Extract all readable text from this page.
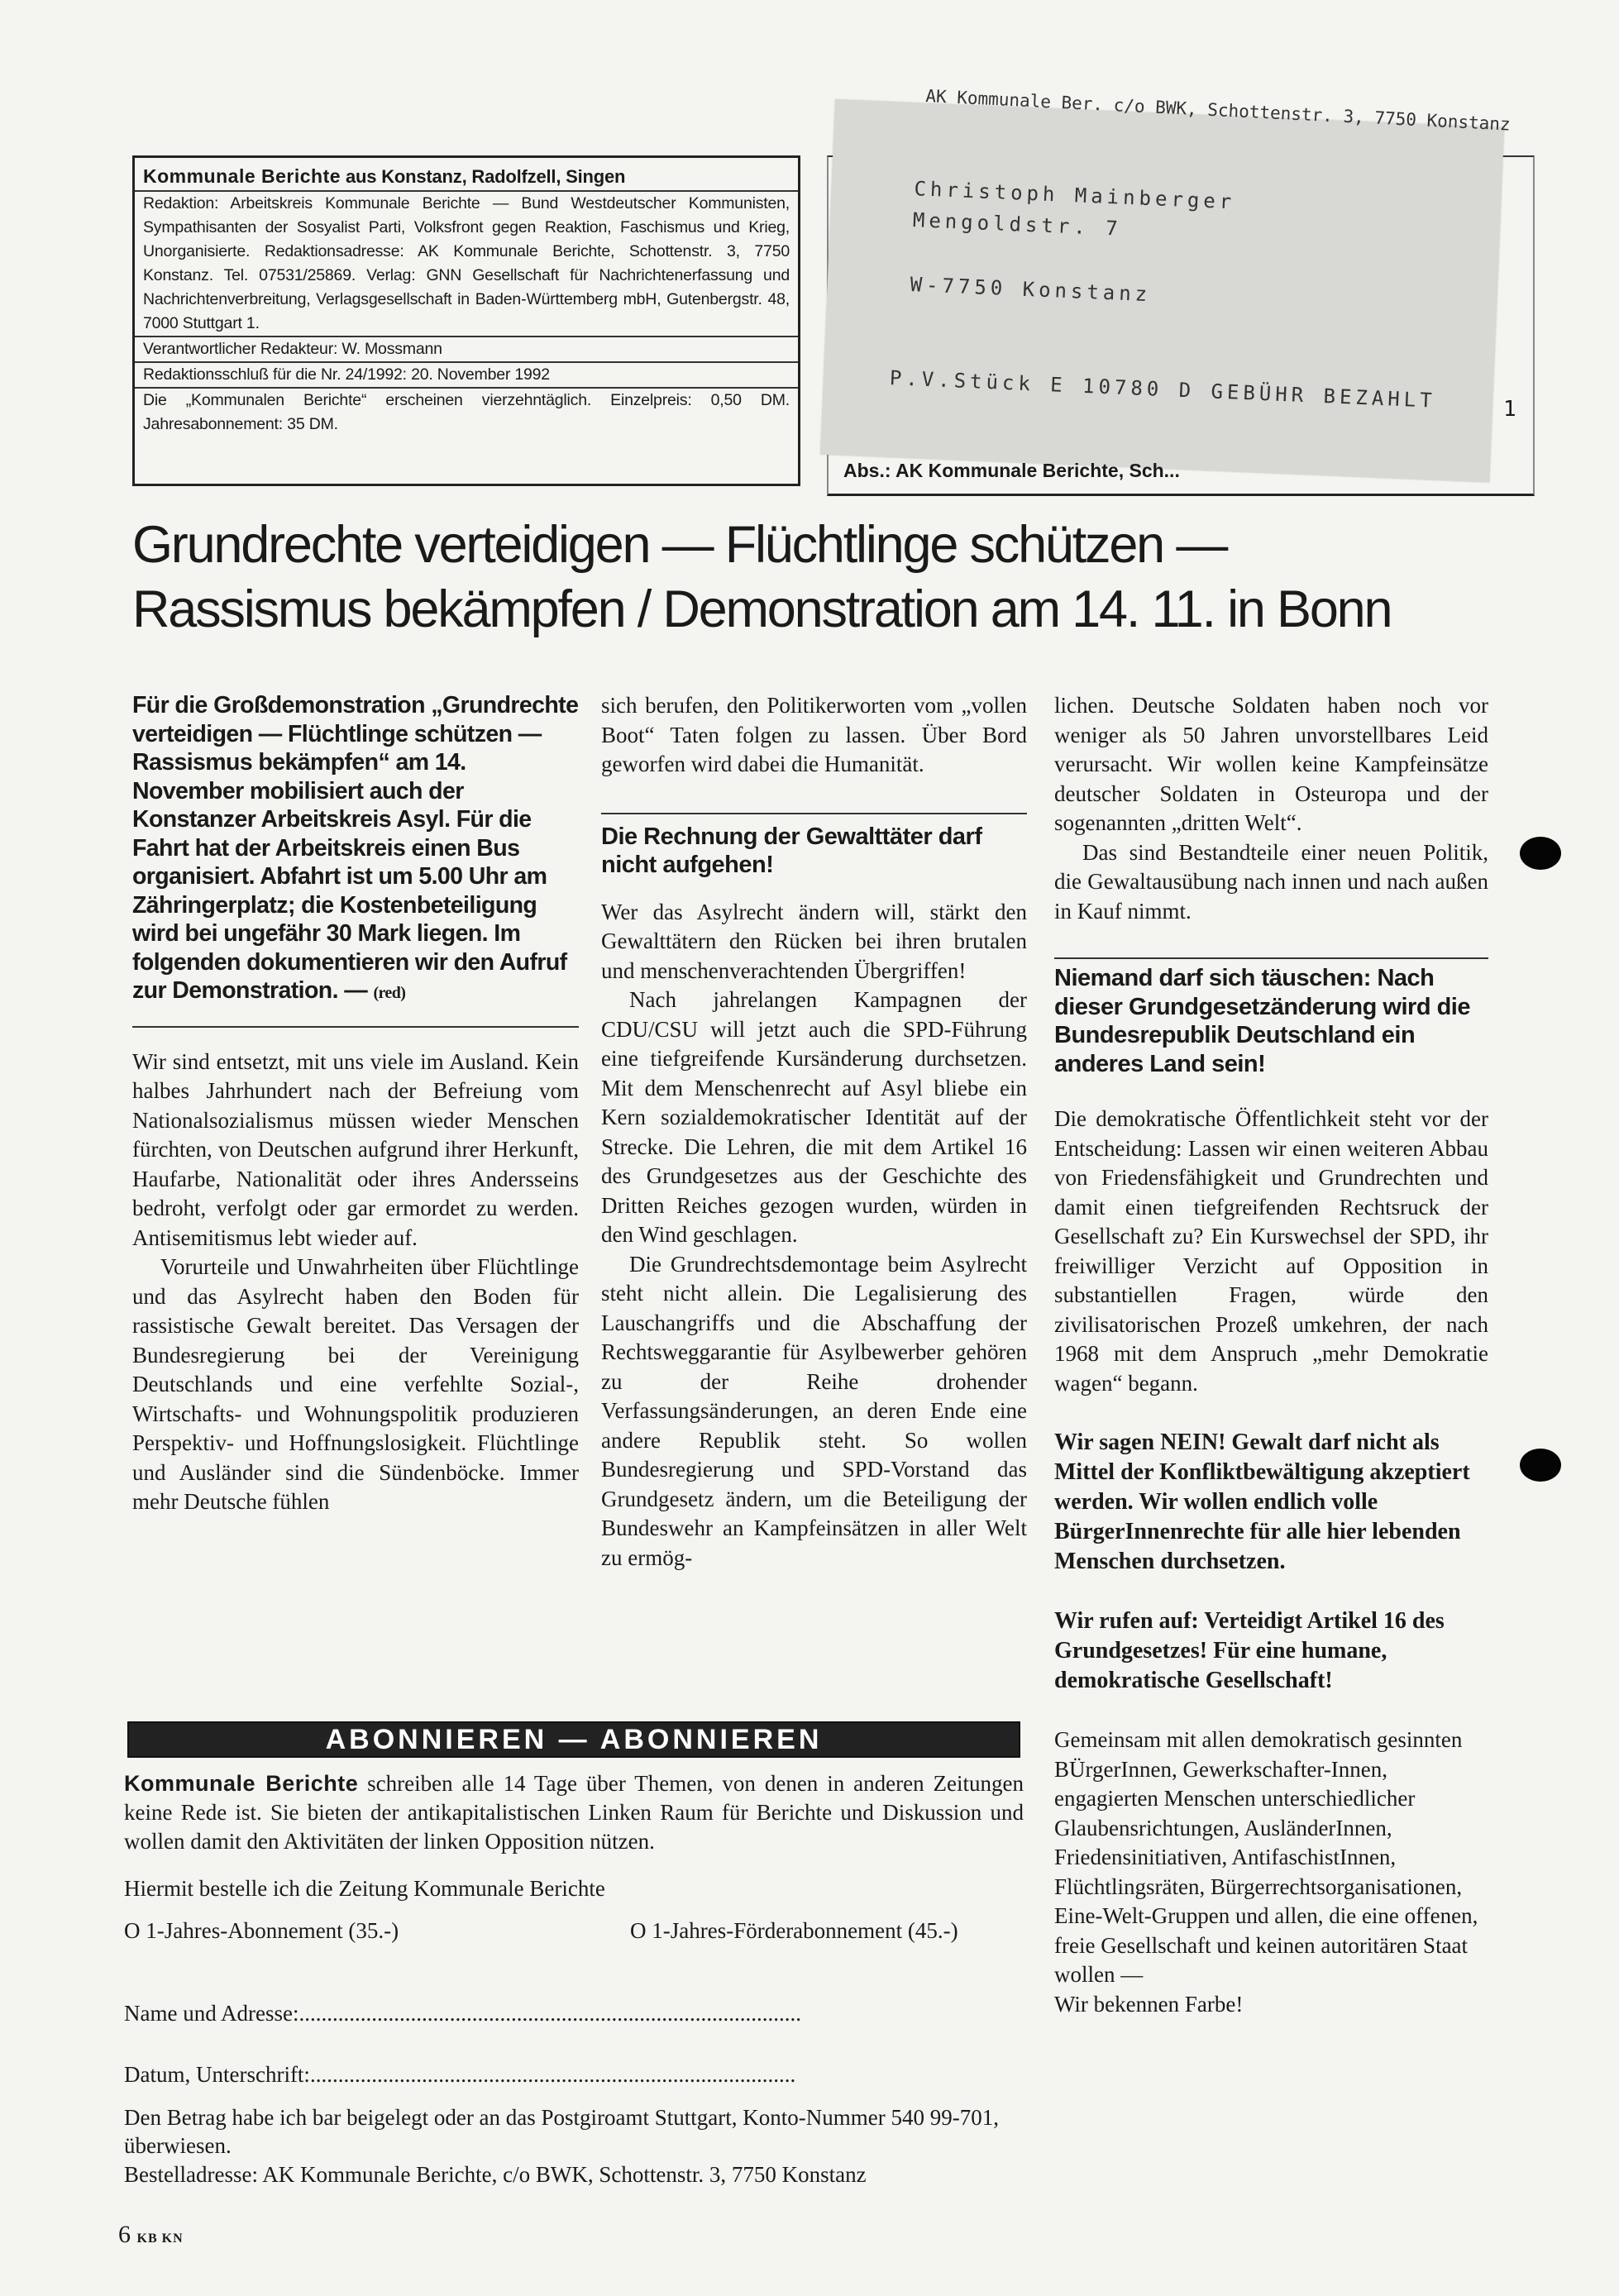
Kommunale Berichte aus Konstanz, Radolfzell, Singen
Redaktion: Arbeitskreis Kommunale Berichte — Bund Westdeutscher Kommunisten, Sympathisanten der Sosyalist Parti, Volksfront gegen Reaktion, Faschismus und Krieg, Unorganisierte. Redaktionsadresse: AK Kommunale Berichte, Schottenstr. 3, 7750 Konstanz. Tel. 07531/25869. Verlag: GNN Gesellschaft für Nachrichtenerfassung und Nachrichtenverbreitung, Verlagsgesellschaft in Baden-Württemberg mbH, Gutenbergstr. 48, 7000 Stuttgart 1.
Verantwortlicher Redakteur: W. Mossmann
Redaktionsschluß für die Nr. 24/1992: 20. November 1992
Die „Kommunalen Berichte“ erscheinen vierzehntäglich. Einzelpreis: 0,50 DM. Jahresabonnement: 35 DM.
Christoph Mainberger
Mengoldstr. 7
W-7750 Konstanz
P.V.Stück E 10780 D GEBÜHR BEZAHLT
AK Kommunale Ber. c/o BWK, Schottenstr. 3, 7750 Konstanz
Abs.: AK Kommunale Berichte, Sch...
1
Grundrechte verteidigen — Flüchtlinge schützen —
Rassismus bekämpfen / Demonstration am 14. 11. in Bonn

Für die Großdemonstration „Grundrechte verteidigen — Flüchtlinge schützen — Rassismus bekämpfen“ am 14. November mobilisiert auch der Konstanzer Arbeitskreis Asyl. Für die Fahrt hat der Arbeitskreis einen Bus organisiert. Abfahrt ist um 5.00 Uhr am Zähringerplatz; die Kostenbeteiligung wird bei ungefähr 30 Mark liegen. Im folgenden dokumentieren wir den Aufruf zur Demonstration. — (red)

Wir sind entsetzt, mit uns viele im Ausland. Kein halbes Jahrhundert nach der Befreiung vom Nationalsozialismus müssen wieder Menschen fürchten, von Deutschen aufgrund ihrer Herkunft, Haufarbe, Nationalität oder ihres Andersseins bedroht, verfolgt oder gar ermordet zu werden. Antisemitismus lebt wieder auf.

Vorurteile und Unwahrheiten über Flüchtlinge und das Asylrecht haben den Boden für rassistische Gewalt bereitet. Das Versagen der Bundesregierung bei der Vereinigung Deutschlands und eine verfehlte Sozial-, Wirtschafts- und Wohnungspolitik produzieren Perspektiv- und Hoffnungslosigkeit. Flüchtlinge und Ausländer sind die Sündenböcke. Immer mehr Deutsche fühlen

sich berufen, den Politikerworten vom „vollen Boot“ Taten folgen zu lassen. Über Bord geworfen wird dabei die Humanität.

Die Rechnung der Gewalttäter darf nicht aufgehen!

Wer das Asylrecht ändern will, stärkt den Gewalttätern den Rücken bei ihren brutalen und menschenverachtenden Übergriffen!

Nach jahrelangen Kampagnen der CDU/CSU will jetzt auch die SPD-Führung eine tiefgreifende Kursänderung durchsetzen. Mit dem Menschenrecht auf Asyl bliebe ein Kern sozialdemokratischer Identität auf der Strecke. Die Lehren, die mit dem Artikel 16 des Grundgesetzes aus der Geschichte des Dritten Reiches gezogen wurden, würden in den Wind geschlagen.

Die Grundrechtsdemontage beim Asylrecht steht nicht allein. Die Legalisierung des Lauschangriffs und die Abschaffung der Rechtsweggarantie für Asylbewerber gehören zu der Reihe drohender Verfassungsänderungen, an deren Ende eine andere Republik steht. So wollen Bundesregierung und SPD-Vorstand das Grundgesetz ändern, um die Beteiligung der Bundeswehr an Kampfeinsätzen in aller Welt zu ermög-

lichen. Deutsche Soldaten haben noch vor weniger als 50 Jahren unvorstellbares Leid verursacht. Wir wollen keine Kampfeinsätze deutscher Soldaten in Osteuropa und der sogenannten „dritten Welt“.

Das sind Bestandteile einer neuen Politik, die Gewaltausübung nach innen und nach außen in Kauf nimmt.

Niemand darf sich täuschen: Nach dieser Grundgesetzänderung wird die Bundesrepublik Deutschland ein anderes Land sein!

Die demokratische Öffentlichkeit steht vor der Entscheidung: Lassen wir einen weiteren Abbau von Friedensfähigkeit und Grundrechten und damit einen tiefgreifenden Rechtsruck der Gesellschaft zu? Ein Kurswechsel der SPD, ihr freiwilliger Verzicht auf Opposition in substantiellen Fragen, würde den zivilisatorischen Prozeß umkehren, der nach 1968 mit dem Anspruch „mehr Demokratie wagen“ begann.

Wir sagen NEIN! Gewalt darf nicht als Mittel der Konfliktbewältigung akzeptiert werden. Wir wollen endlich volle BürgerInnenrechte für alle hier lebenden Menschen durchsetzen.

Wir rufen auf: Verteidigt Artikel 16 des Grundgesetzes! Für eine humane, demokratische Gesellschaft!

Gemeinsam mit allen demokratisch gesinnten BÜrgerInnen, Gewerkschafter-Innen, engagierten Menschen unterschiedlicher Glaubensrichtungen, AusländerInnen, Friedensinitiativen, AntifaschistInnen, Flüchtlingsräten, Bürgerrechtsorganisationen, Eine-Welt-Gruppen und allen, die eine offenen, freie Gesellschaft und keinen autoritären Staat wollen —

Wir bekennen Farbe!

ABONNIEREN — ABONNIEREN

Kommunale Berichte schreiben alle 14 Tage über Themen, von denen in anderen Zeitungen keine Rede ist. Sie bieten der antikapitalistischen Linken Raum für Berichte und Diskussion und wollen damit den Aktivitäten der linken Opposition nützen.

Hiermit bestelle ich die Zeitung Kommunale Berichte
O 1-Jahres-Abonnement (35.-)	O 1-Jahres-Förderabonnement (45.-)
Name und Adresse:..........................................................................................
Datum, Unterschrift:.......................................................................................
Den Betrag habe ich bar beigelegt oder an das Postgiroamt Stuttgart, Konto-Nummer 540 99-701, überwiesen.
Bestelladresse: AK Kommunale Berichte, c/o BWK, Schottenstr. 3, 7750 Konstanz
6 KB KN
